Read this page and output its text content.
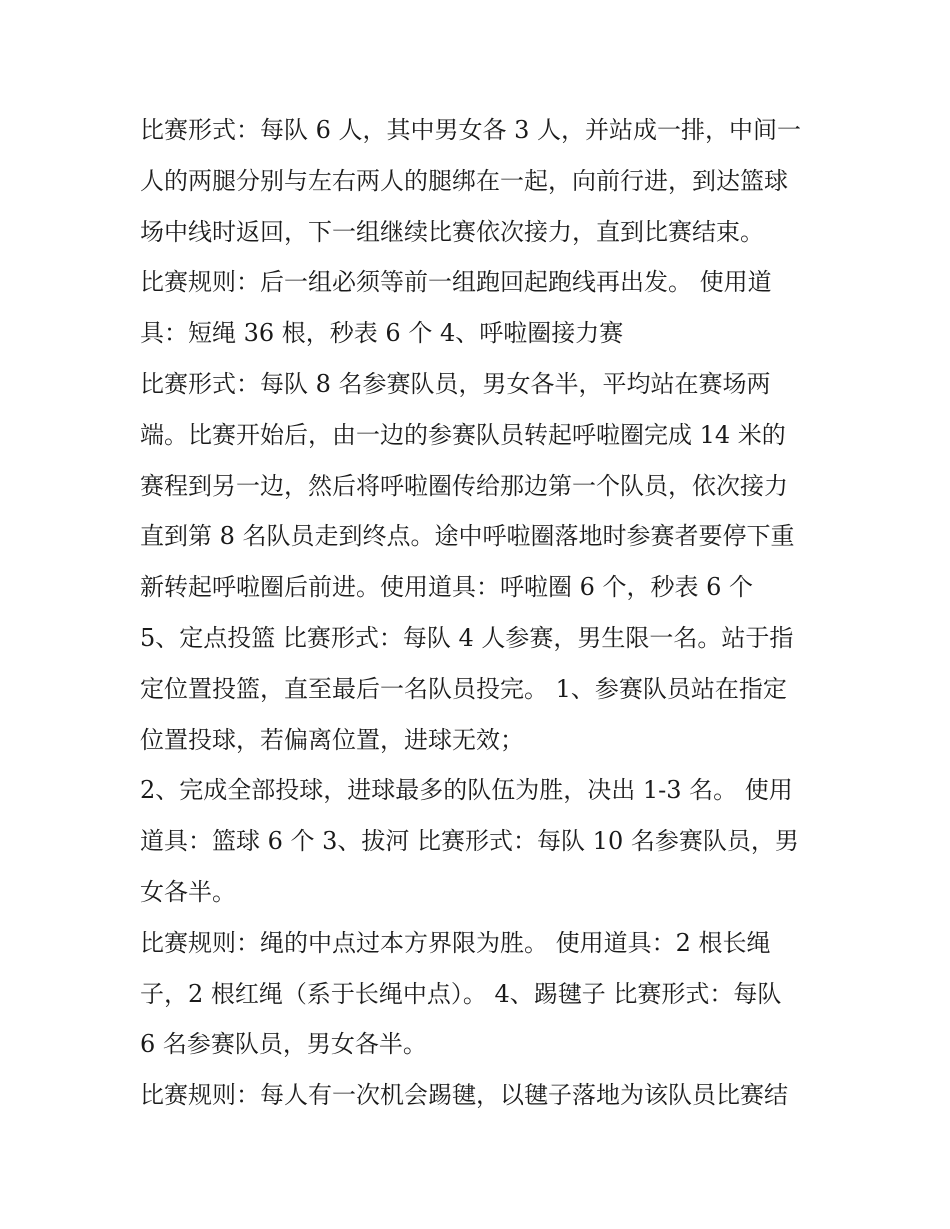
比赛形式：每队 6 人，其中男女各 3 人，并站成一排，中间一
人的两腿分别与左右两人的腿绑在一起，向前行进，到达篮球
场中线时返回，下一组继续比赛依次接力，直到比赛结束。
比赛规则：后一组必须等前一组跑回起跑线再出发。 使用道
具：短绳 36 根，秒表 6 个 4、呼啦圈接力赛
比赛形式：每队 8 名参赛队员，男女各半，平均站在赛场两
端。比赛开始后，由一边的参赛队员转起呼啦圈完成 14 米的
赛程到另一边，然后将呼啦圈传给那边第一个队员，依次接力
直到第 8 名队员走到终点。途中呼啦圈落地时参赛者要停下重
新转起呼啦圈后前进。使用道具：呼啦圈 6 个，秒表 6 个
5、定点投篮 比赛形式：每队 4 人参赛，男生限一名。站于指
定位置投篮，直至最后一名队员投完。 1、参赛队员站在指定
位置投球，若偏离位置，进球无效；
2、完成全部投球，进球最多的队伍为胜，决出 1-3 名。 使用
道具：篮球 6 个 3、拔河 比赛形式：每队 10 名参赛队员，男
女各半。
比赛规则：绳的中点过本方界限为胜。 使用道具：2 根长绳
子，2 根红绳（系于长绳中点）。 4、踢毽子 比赛形式：每队
6 名参赛队员，男女各半。
比赛规则：每人有一次机会踢毽，以毽子落地为该队员比赛结
